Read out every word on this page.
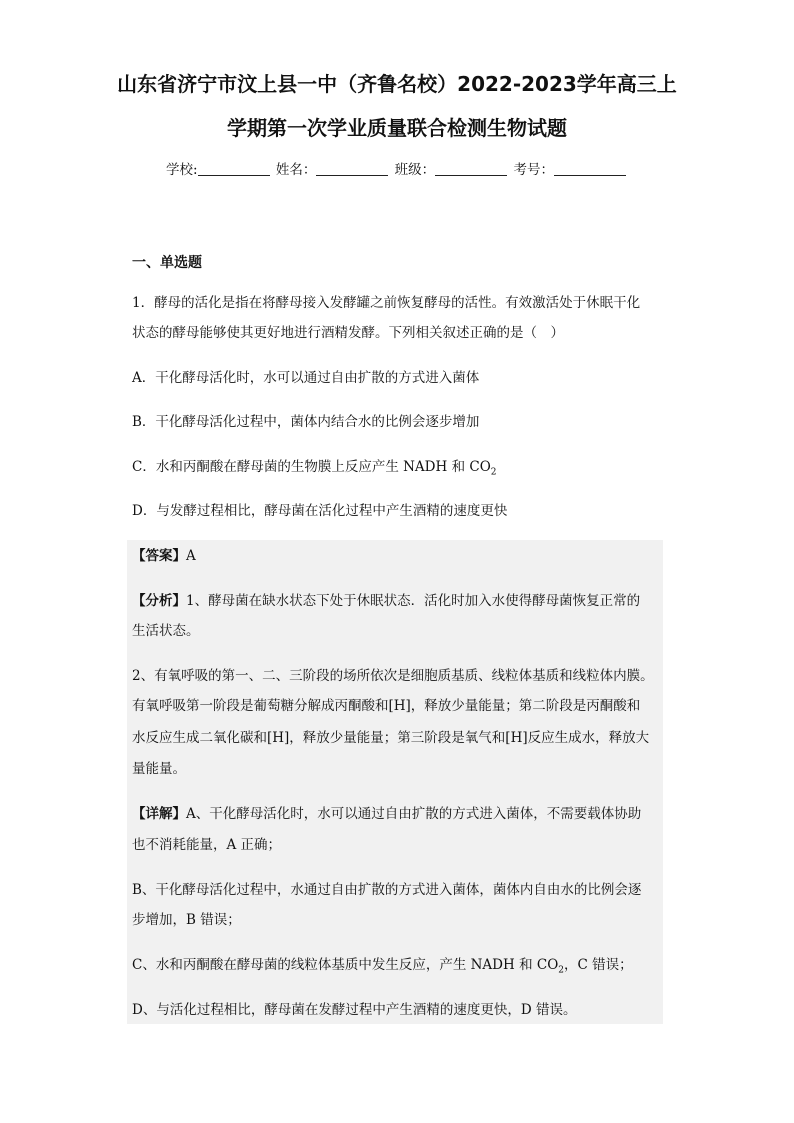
山东省济宁市汶上县一中（齐鲁名校）2022-2023学年高三上
学期第一次学业质量联合检测生物试题
学校:	姓名：	班级：	考号：
一、单选题
1．酵母的活化是指在将酵母接入发酵罐之前恢复酵母的活性。有效激活处于休眠干化
状态的酵母能够使其更好地进行酒精发酵。下列相关叙述正确的是（　）
A．干化酵母活化时，水可以通过自由扩散的方式进入菌体
B．干化酵母活化过程中，菌体内结合水的比例会逐步增加
C．水和丙酮酸在酵母菌的生物膜上反应产生 NADH 和 $CO_2$
D．与发酵过程相比，酵母菌在活化过程中产生酒精的速度更快
【答案】A
【分析】1、酵母菌在缺水状态下处于休眠状态．活化时加入水使得酵母菌恢复正常的
生活状态。
2、有氧呼吸的第一、二、三阶段的场所依次是细胞质基质、线粒体基质和线粒体内膜。
有氧呼吸第一阶段是葡萄糖分解成丙酮酸和[H]，释放少量能量；第二阶段是丙酮酸和
水反应生成二氧化碳和[H]，释放少量能量；第三阶段是氧气和[H]反应生成水，释放大
量能量。
【详解】A、干化酵母活化时，水可以通过自由扩散的方式进入菌体，不需要载体协助
也不消耗能量，A 正确；
B、干化酵母活化过程中，水通过自由扩散的方式进入菌体，菌体内自由水的比例会逐
步增加，B 错误；
C、水和丙酮酸在酵母菌的线粒体基质中发生反应，产生 NADH 和 $CO_2$，C 错误；
D、与活化过程相比，酵母菌在发酵过程中产生酒精的速度更快，D 错误。
